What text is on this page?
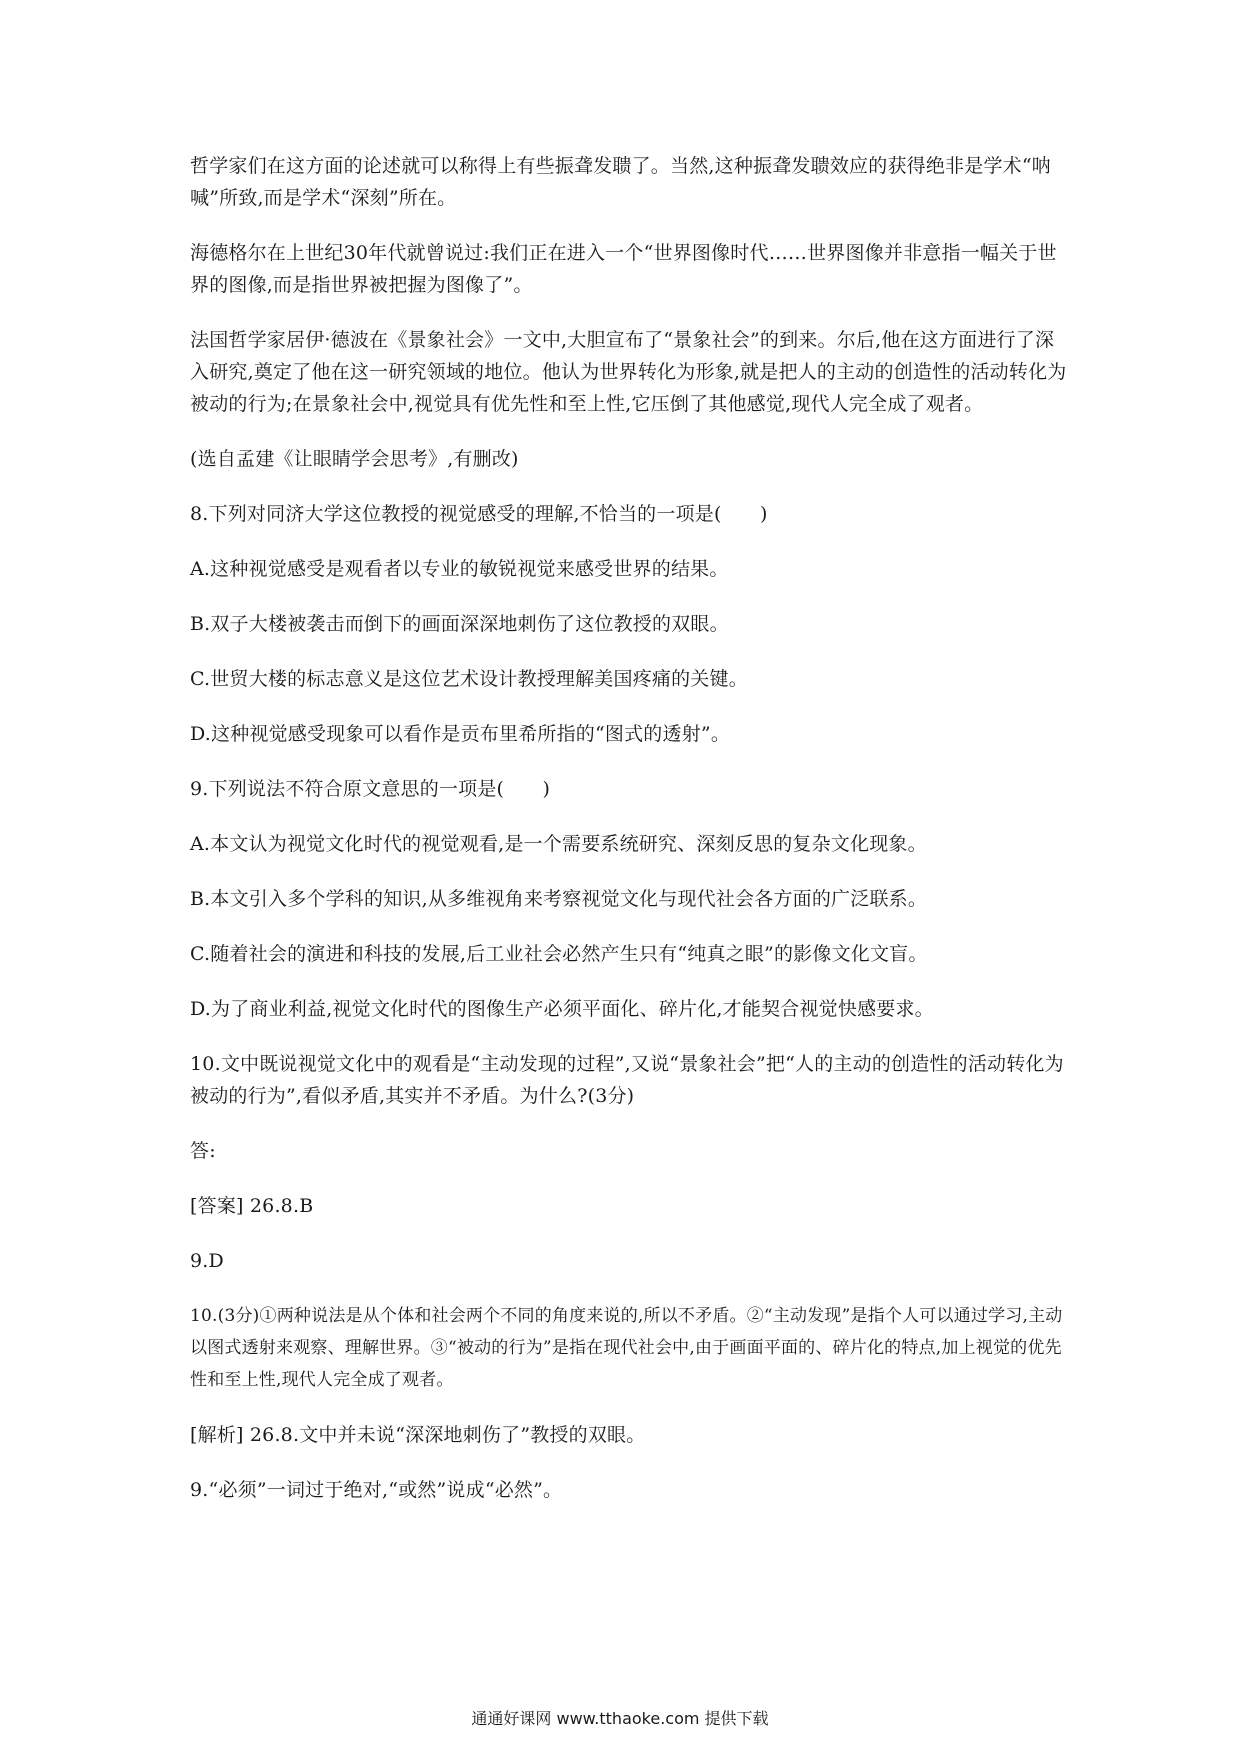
哲学家们在这方面的论述就可以称得上有些振聋发聩了。当然,这种振聋发聩效应的获得绝非是学术“呐喊”所致,而是学术“深刻”所在。

海德格尔在上世纪30年代就曾说过:我们正在进入一个“世界图像时代……世界图像并非意指一幅关于世界的图像,而是指世界被把握为图像了”。

法国哲学家居伊·德波在《景象社会》一文中,大胆宣布了“景象社会”的到来。尔后,他在这方面进行了深入研究,奠定了他在这一研究领域的地位。他认为世界转化为形象,就是把人的主动的创造性的活动转化为被动的行为;在景象社会中,视觉具有优先性和至上性,它压倒了其他感觉,现代人完全成了观者。

(选自孟建《让眼睛学会思考》,有删改)

8.下列对同济大学这位教授的视觉感受的理解,不恰当的一项是(　　)

A.这种视觉感受是观看者以专业的敏锐视觉来感受世界的结果。

B.双子大楼被袭击而倒下的画面深深地刺伤了这位教授的双眼。

C.世贸大楼的标志意义是这位艺术设计教授理解美国疼痛的关键。

D.这种视觉感受现象可以看作是贡布里希所指的“图式的透射”。

9.下列说法不符合原文意思的一项是(　　)

A.本文认为视觉文化时代的视觉观看,是一个需要系统研究、深刻反思的复杂文化现象。

B.本文引入多个学科的知识,从多维视角来考察视觉文化与现代社会各方面的广泛联系。

C.随着社会的演进和科技的发展,后工业社会必然产生只有“纯真之眼”的影像文化文盲。

D.为了商业利益,视觉文化时代的图像生产必须平面化、碎片化,才能契合视觉快感要求。

10.文中既说视觉文化中的观看是“主动发现的过程”,又说“景象社会”把“人的主动的创造性的活动转化为被动的行为”,看似矛盾,其实并不矛盾。为什么?(3分)

答:

[答案] 26.8.B

9.D

10.(3分)①两种说法是从个体和社会两个不同的角度来说的,所以不矛盾。②“主动发现”是指个人可以通过学习,主动以图式透射来观察、理解世界。③“被动的行为”是指在现代社会中,由于画面平面的、碎片化的特点,加上视觉的优先性和至上性,现代人完全成了观者。

[解析] 26.8.文中并未说“深深地刺伤了”教授的双眼。

9.“必须”一词过于绝对,“或然”说成“必然”。

通通好课网 www.tthaoke.com 提供下载
